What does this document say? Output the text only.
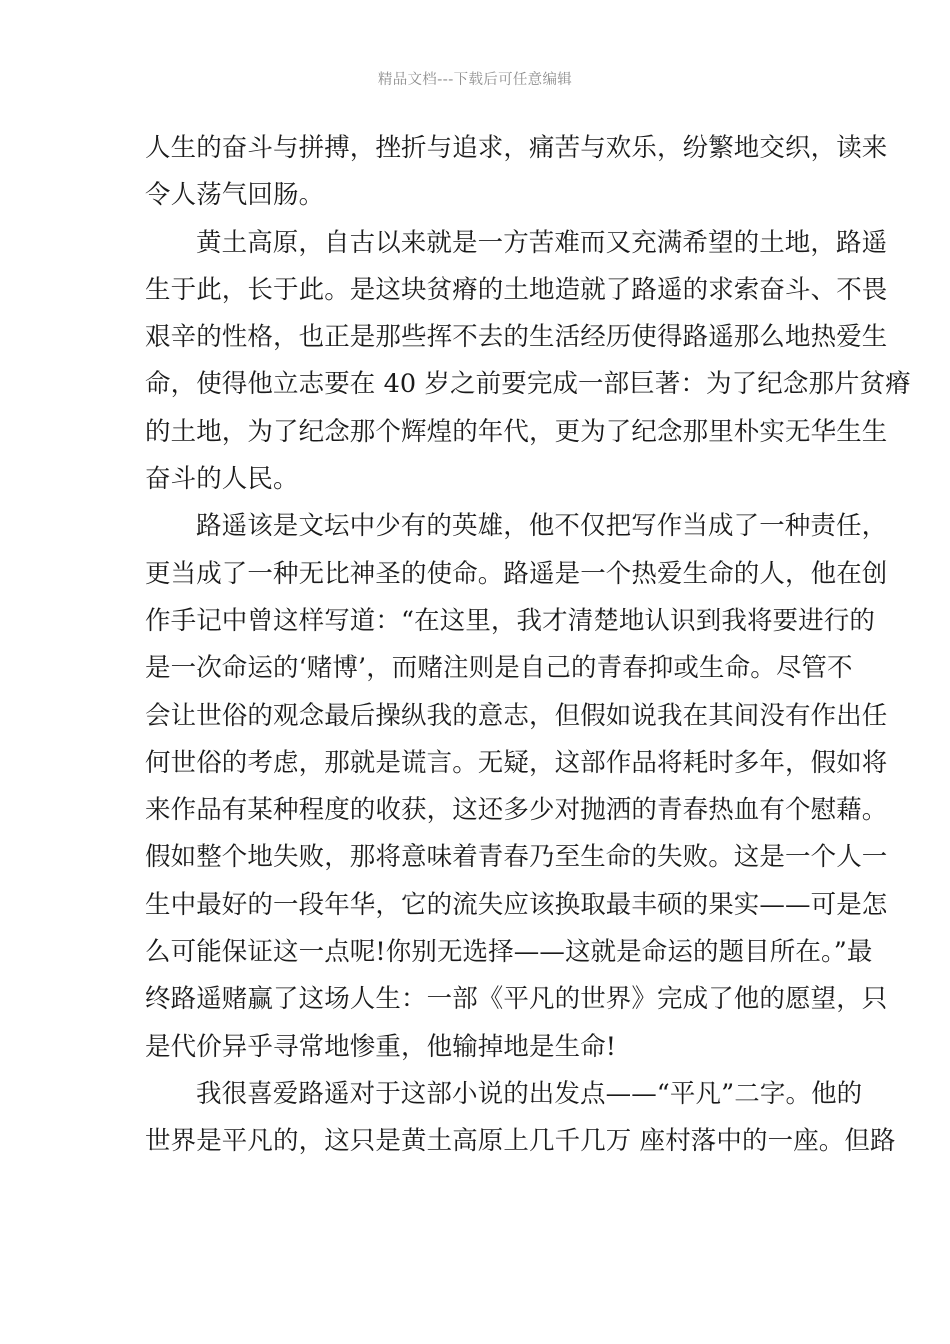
精品文档---下载后可任意编辑

人生的奋斗与拼搏，挫折与追求，痛苦与欢乐，纷繁地交织，读来
令人荡气回肠。

黄土高原，自古以来就是一方苦难而又充满希望的土地，路遥
生于此，长于此。是这块贫瘠的土地造就了路遥的求索奋斗、不畏
艰辛的性格，也正是那些挥不去的生活经历使得路遥那么地热爱生
命，使得他立志要在 40 岁之前要完成一部巨著：为了纪念那片贫瘠
的土地，为了纪念那个辉煌的年代，更为了纪念那里朴实无华生生
奋斗的人民。

路遥该是文坛中少有的英雄，他不仅把写作当成了一种责任，
更当成了一种无比神圣的使命。路遥是一个热爱生命的人，他在创
作手记中曾这样写道：“在这里，我才清楚地认识到我将要进行的
是一次命运的‘赌博’，而赌注则是自己的青春抑或生命。尽管不
会让世俗的观念最后操纵我的意志，但假如说我在其间没有作出任
何世俗的考虑，那就是谎言。无疑，这部作品将耗时多年，假如将
来作品有某种程度的收获，这还多少对抛洒的青春热血有个慰藉。
假如整个地失败，那将意味着青春乃至生命的失败。这是一个人一
生中最好的一段年华，它的流失应该换取最丰硕的果实——可是怎
么可能保证这一点呢!你别无选择——这就是命运的题目所在。”最
终路遥赌赢了这场人生：一部《平凡的世界》完成了他的愿望，只
是代价异乎寻常地惨重，他输掉地是生命!

我很喜爱路遥对于这部小说的出发点——“平凡”二字。他的
世界是平凡的，这只是黄土高原上几千几万 座村落中的一座。但路
